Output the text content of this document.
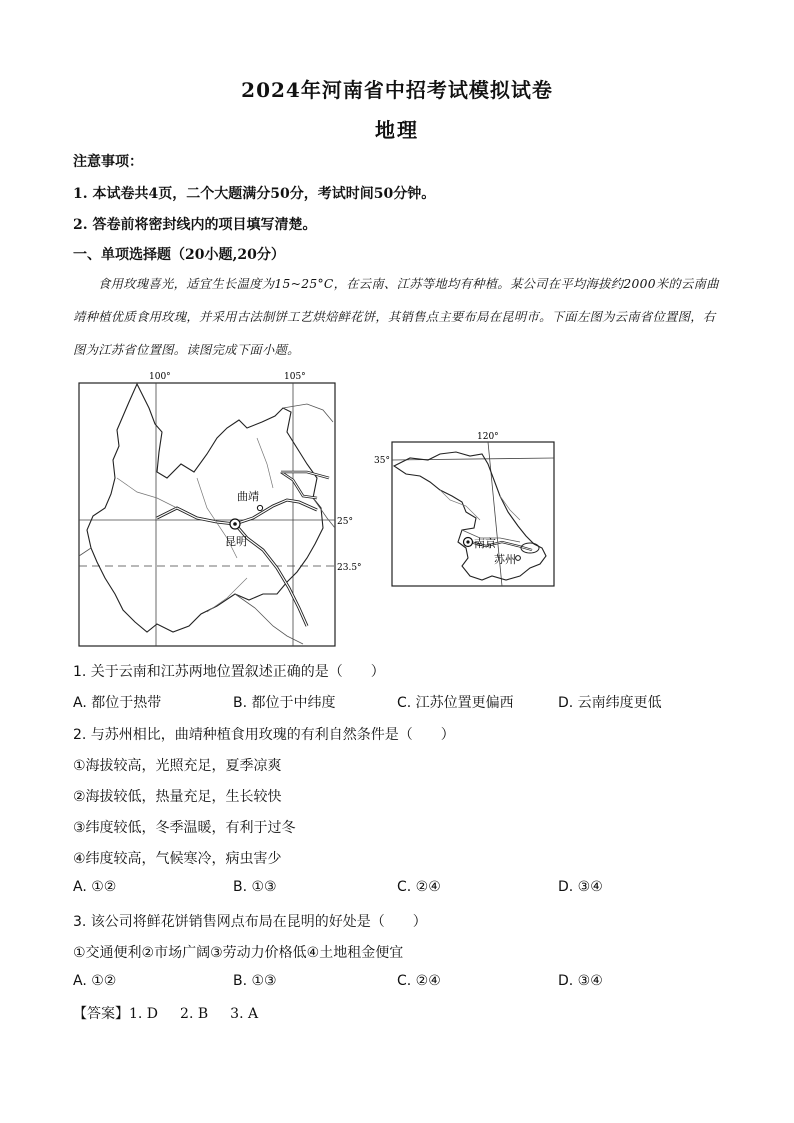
2024年河南省中招考试模拟试卷
地理
注意事项：
1. 本试卷共4页，二个大题满分50分，考试时间50分钟。
2. 答卷前将密封线内的项目填写清楚。
一、单项选择题（20小题,20分）
食用玫瑰喜光，适宜生长温度为15~25°C，在云南、江苏等地均有种植。某公司在平均海拔约2000米的云南曲靖种植优质食用玫瑰，并采用古法制饼工艺烘焙鲜花饼，其销售点主要布局在昆明市。下面左图为云南省位置图，右图为江苏省位置图。读图完成下面小题。
100°	105°
25°
23.5°
曲靖
昆明
120°
35°
南京
苏州
1. 关于云南和江苏两地位置叙述正确的是（　　）
A. 都位于热带	B. 都位于中纬度	C. 江苏位置更偏西	D. 云南纬度更低
2. 与苏州相比，曲靖种植食用玫瑰的有利自然条件是（　　）
①海拔较高，光照充足，夏季凉爽
②海拔较低，热量充足，生长较快
③纬度较低，冬季温暖，有利于过冬
④纬度较高，气候寒冷，病虫害少
A. ①②	B. ①③	C. ②④	D. ③④
3. 该公司将鲜花饼销售网点布局在昆明的好处是（　　）
①交通便利②市场广阔③劳动力价格低④土地租金便宜
A. ①②	B. ①③	C. ②④	D. ③④
【答案】1. D 2. B 3. A
